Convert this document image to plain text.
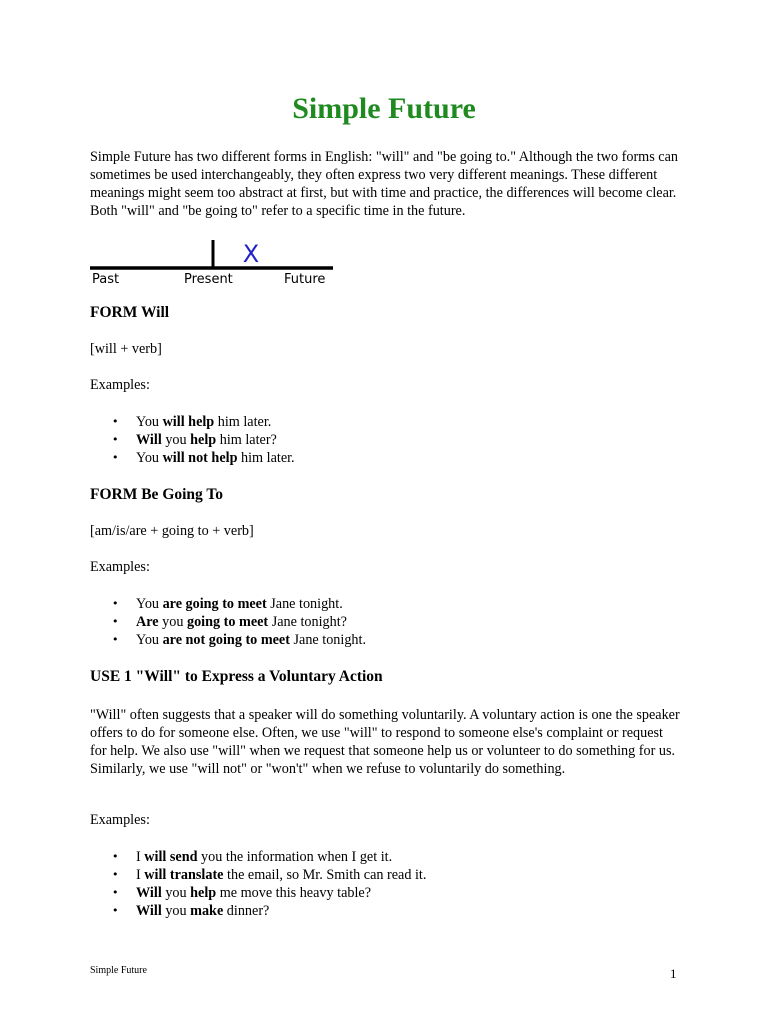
Simple Future

Simple Future has two different forms in English: "will" and "be going to." Although the two forms can sometimes be used interchangeably, they often express two very different meanings. These different meanings might seem too abstract at first, but with time and practice, the differences will become clear. Both "will" and "be going to" refer to a specific time in the future.

X
Past	Present	Future
FORM Will

[will + verb]

Examples:

• You will help him later.
• Will you help him later?
• You will not help him later.
FORM Be Going To

[am/is/are + going to + verb]

Examples:

• You are going to meet Jane tonight.
• Are you going to meet Jane tonight?
• You are not going to meet Jane tonight.
USE 1 "Will" to Express a Voluntary Action

"Will" often suggests that a speaker will do something voluntarily. A voluntary action is one the speaker offers to do for someone else. Often, we use "will" to respond to someone else's complaint or request for help. We also use "will" when we request that someone help us or volunteer to do something for us. Similarly, we use "will not" or "won't" when we refuse to voluntarily do something.

Examples:

• I will send you the information when I get it.
• I will translate the email, so Mr. Smith can read it.
• Will you help me move this heavy table?
• Will you make dinner?
Simple Future	1
